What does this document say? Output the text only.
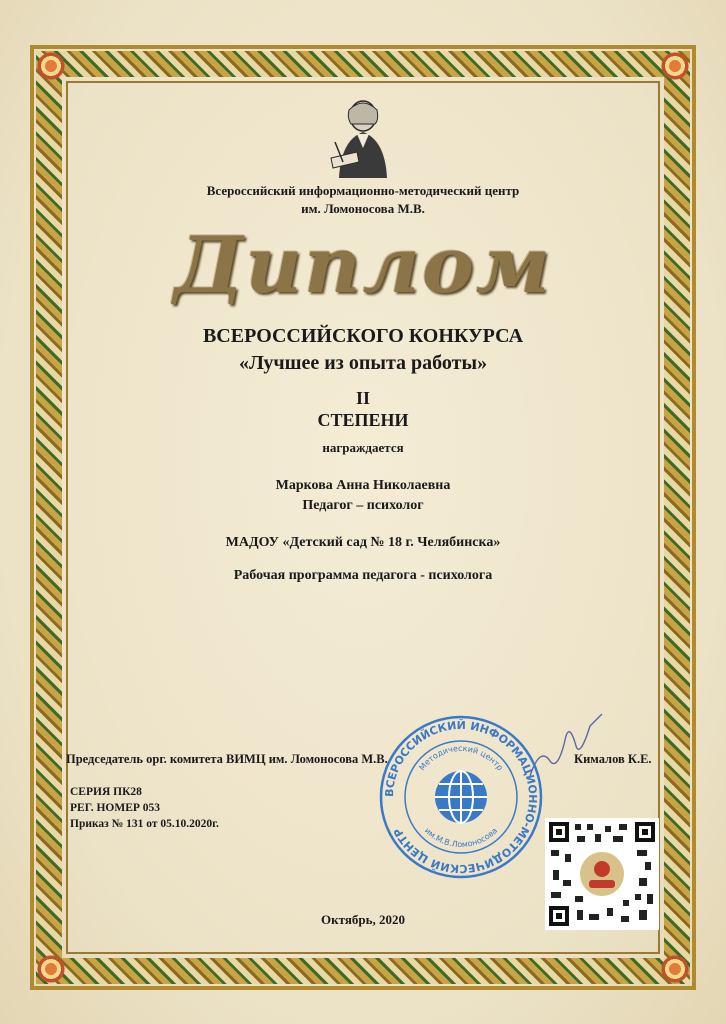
Всероссийский информационно-методический центр
им. Ломоносова М.В.
Диплом
ВСЕРОССИЙСКОГО КОНКУРСА
«Лучшее из опыта работы»
II
СТЕПЕНИ
награждается
Маркова Анна Николаевна
Педагог – психолог
МАДОУ «Детский сад № 18 г. Челябинска»
Рабочая программа педагога - психолога
Председатель орг. комитета ВИМЦ им. Ломоносова М.В.	Кималов К.Е.
СЕРИЯ ПК28
РЕГ. НОМЕР 053
Приказ № 131 от 05.10.2020г.
ВСЕРОССИЙСКИЙ ИНФОРМАЦИОННО-МЕТОДИЧЕСКИЙ ЦЕНТР
Методический центр
им.М.В.Ломоносова
Октябрь, 2020
